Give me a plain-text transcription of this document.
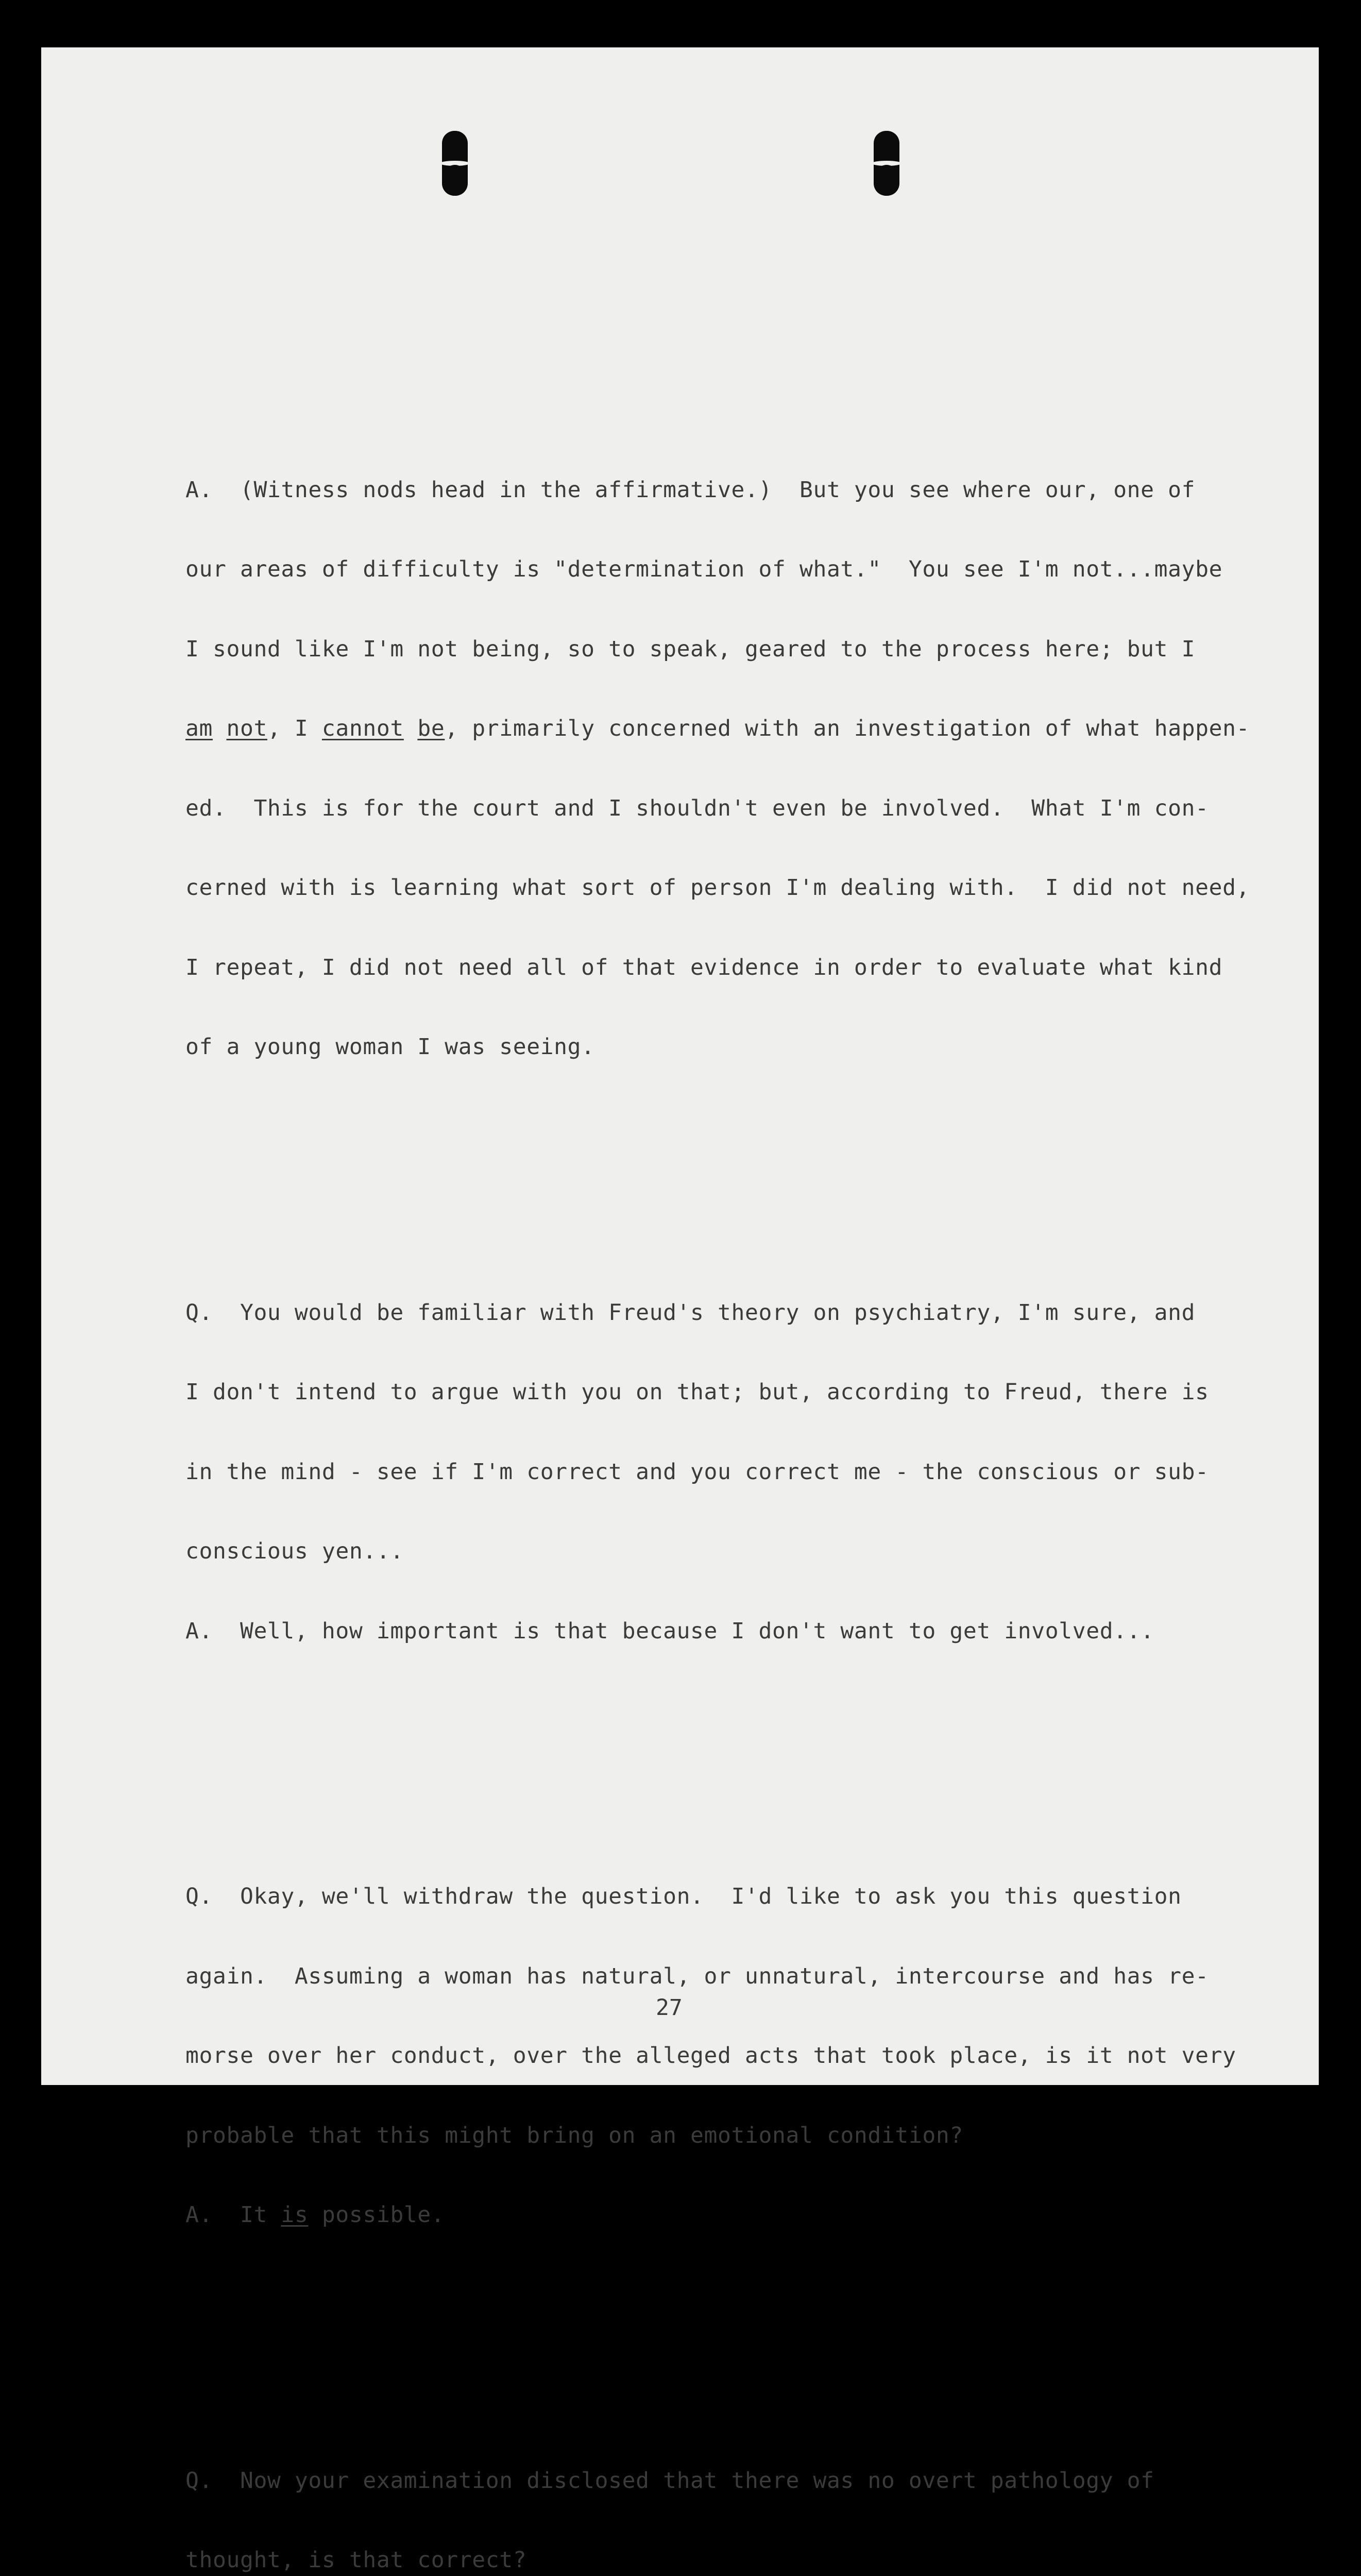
A.  (Witness nods head in the affirmative.)  But you see where our, one of

our areas of difficulty is "determination of what."  You see I'm not...maybe

I sound like I'm not being, so to speak, geared to the process here; but I

am not, I cannot be, primarily concerned with an investigation of what happen-

ed.  This is for the court and I shouldn't even be involved.  What I'm con-

cerned with is learning what sort of person I'm dealing with.  I did not need,

I repeat, I did not need all of that evidence in order to evaluate what kind

of a young woman I was seeing.

Q.  You would be familiar with Freud's theory on psychiatry, I'm sure, and

I don't intend to argue with you on that; but, according to Freud, there is

in the mind - see if I'm correct and you correct me - the conscious or sub-

conscious yen...

A.  Well, how important is that because I don't want to get involved...

Q.  Okay, we'll withdraw the question.  I'd like to ask you this question

again.  Assuming a woman has natural, or unnatural, intercourse and has re-

morse over her conduct, over the alleged acts that took place, is it not very

probable that this might bring on an emotional condition?

A.  It is possible.

Q.  Now your examination disclosed that there was no overt pathology of

thought, is that correct?

27
